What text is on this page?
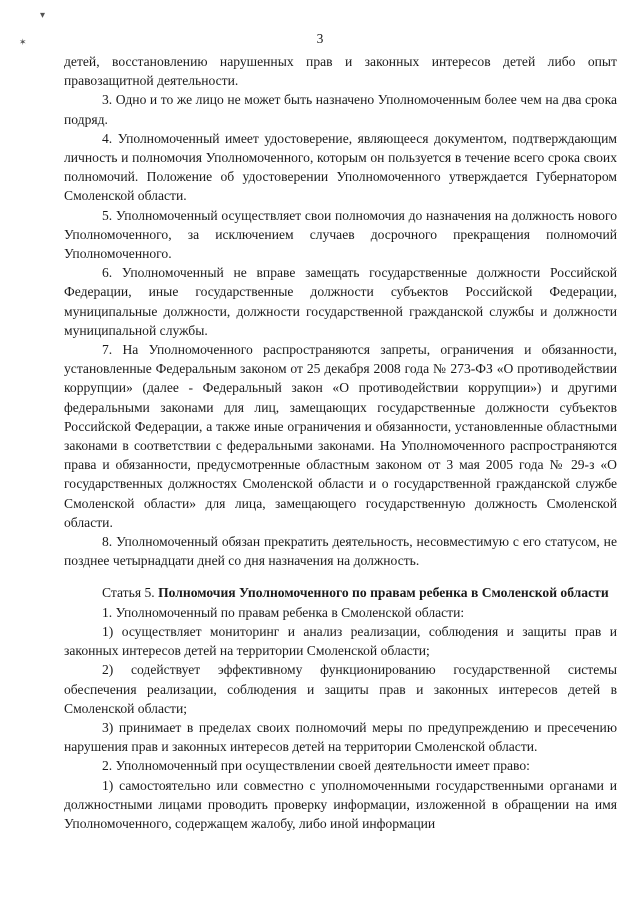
▾
✶	3

детей, восстановлению нарушенных прав и законных интересов детей либо опыт правозащитной деятельности.

3. Одно и то же лицо не может быть назначено Уполномоченным более чем на два срока подряд.

4. Уполномоченный имеет удостоверение, являющееся документом, подтверждающим личность и полномочия Уполномоченного, которым он пользуется в течение всего срока своих полномочий. Положение об удостоверении Уполномоченного утверждается Губернатором Смоленской области.

5. Уполномоченный осуществляет свои полномочия до назначения на должность нового Уполномоченного, за исключением случаев досрочного прекращения полномочий Уполномоченного.

6. Уполномоченный не вправе замещать государственные должности Российской Федерации, иные государственные должности субъектов Российской Федерации, муниципальные должности, должности государственной гражданской службы и должности муниципальной службы.

7. На Уполномоченного распространяются запреты, ограничения и обязанности, установленные Федеральным законом от 25 декабря 2008 года № 273-ФЗ «О противодействии коррупции» (далее - Федеральный закон «О противодействии коррупции») и другими федеральными законами для лиц, замещающих государственные должности субъектов Российской Федерации, а также иные ограничения и обязанности, установленные областными законами в соответствии с федеральными законами. На Уполномоченного распространяются права и обязанности, предусмотренные областным законом от 3 мая 2005 года № 29-з «О государственных должностях Смоленской области и о государственной гражданской службе Смоленской области» для лица, замещающего государственную должность Смоленской области.

8. Уполномоченный обязан прекратить деятельность, несовместимую с его статусом, не позднее четырнадцати дней со дня назначения на должность.

Статья 5. Полномочия Уполномоченного по правам ребенка в Смоленской области

1. Уполномоченный по правам ребенка в Смоленской области:

1) осуществляет мониторинг и анализ реализации, соблюдения и защиты прав и законных интересов детей на территории Смоленской области;

2) содействует эффективному функционированию государственной системы обеспечения реализации, соблюдения и защиты прав и законных интересов детей в Смоленской области;

3) принимает в пределах своих полномочий меры по предупреждению и пресечению нарушения прав и законных интересов детей на территории Смоленской области.

2. Уполномоченный при осуществлении своей деятельности имеет право:

1) самостоятельно или совместно с уполномоченными государственными органами и должностными лицами проводить проверку информации, изложенной в обращении на имя Уполномоченного, содержащем жалобу, либо иной информации
